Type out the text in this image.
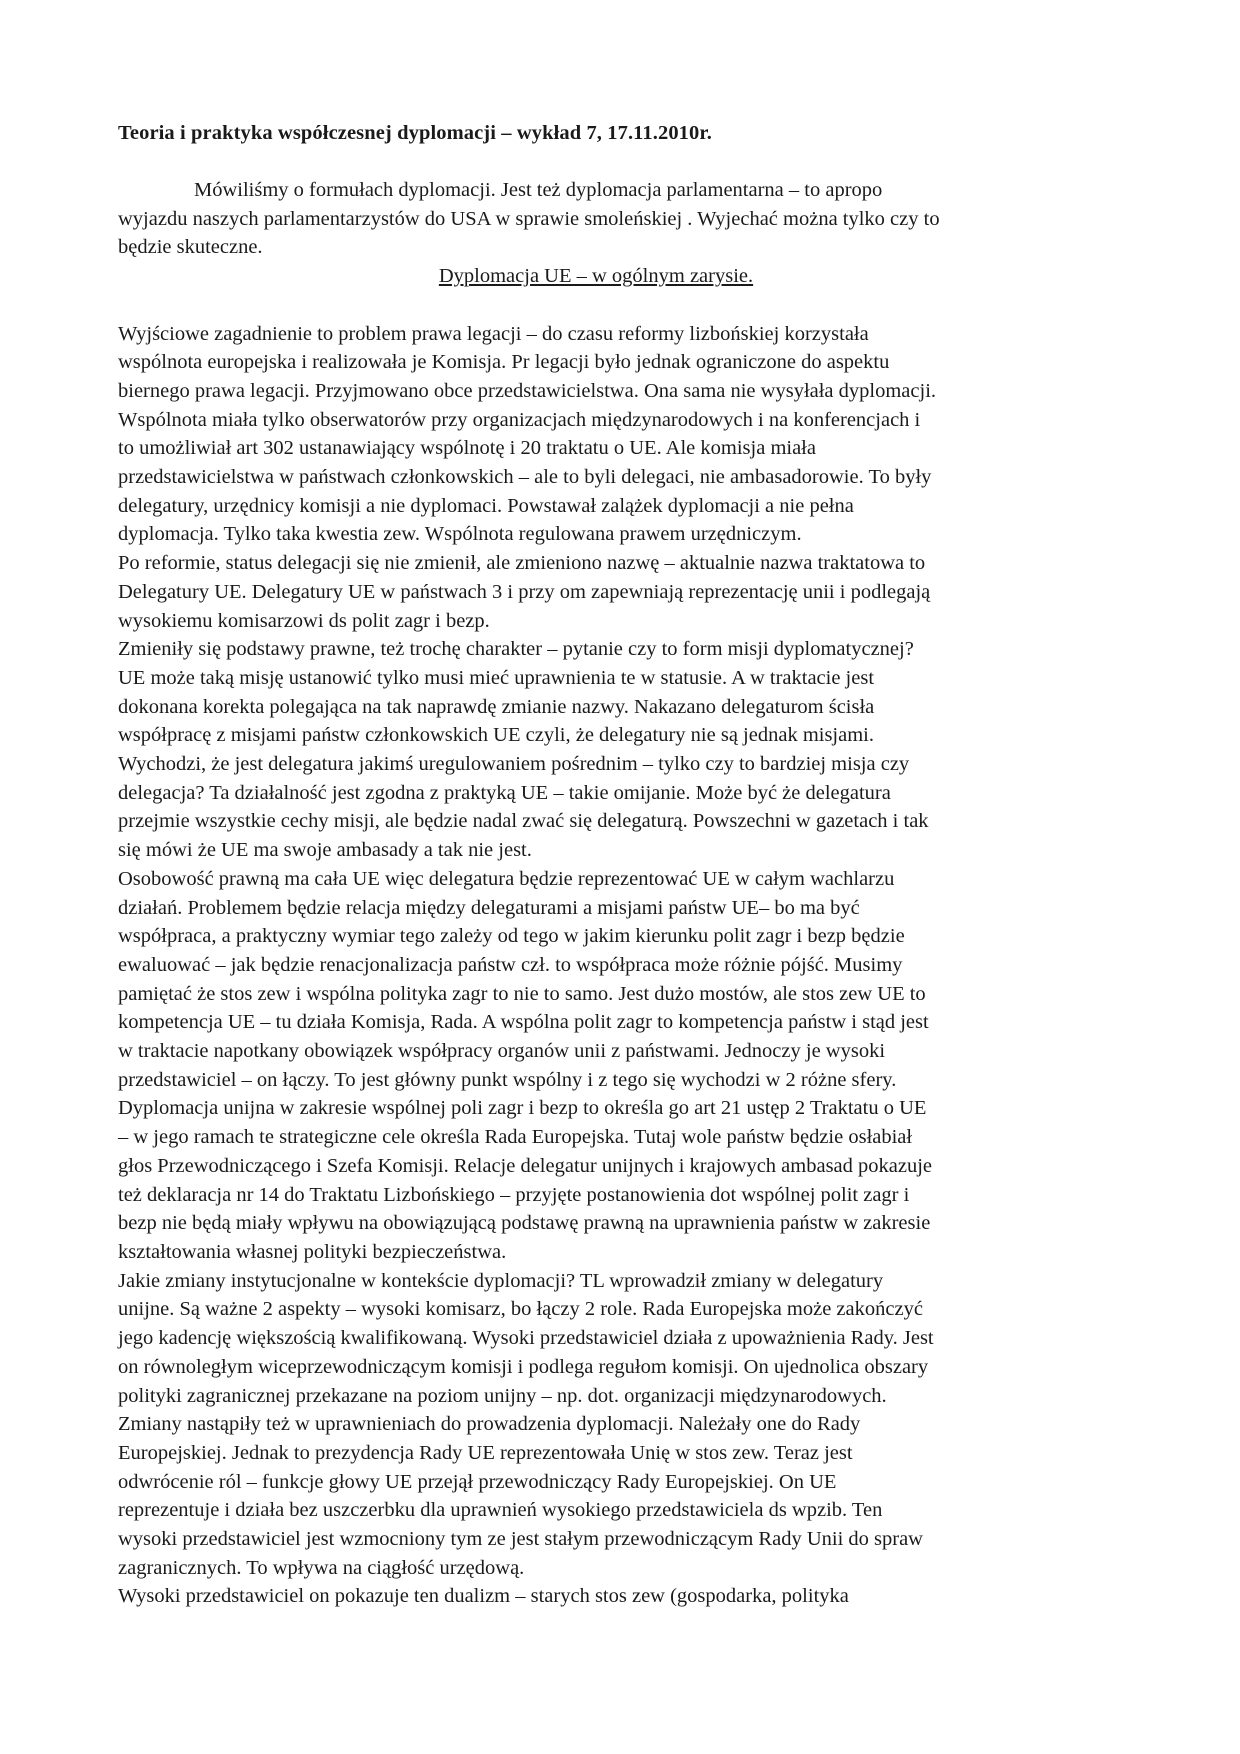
Teoria i praktyka współczesnej dyplomacji – wykład 7, 17.11.2010r.

Mówiliśmy o formułach dyplomacji. Jest też dyplomacja parlamentarna – to apropo

wyjazdu naszych parlamentarzystów do USA w sprawie smoleńskiej . Wyjechać można tylko czy to

będzie skuteczne.

Dyplomacja UE – w ogólnym zarysie.

Wyjściowe zagadnienie to problem prawa legacji – do czasu reformy lizbońskiej korzystała

wspólnota europejska i realizowała je Komisja. Pr legacji było jednak ograniczone do aspektu

biernego prawa legacji. Przyjmowano obce przedstawicielstwa. Ona sama nie wysyłała dyplomacji.

Wspólnota miała tylko obserwatorów przy organizacjach międzynarodowych i na konferencjach i

to umożliwiał art 302 ustanawiający wspólnotę i 20 traktatu o UE. Ale komisja miała

przedstawicielstwa w państwach członkowskich – ale to byli delegaci, nie ambasadorowie. To były

delegatury, urzędnicy komisji a nie dyplomaci. Powstawał zalążek dyplomacji a nie pełna

dyplomacja. Tylko taka kwestia zew. Wspólnota regulowana prawem urzędniczym.

Po reformie, status delegacji się nie zmienił, ale zmieniono nazwę – aktualnie nazwa traktatowa to

Delegatury UE. Delegatury UE w państwach 3 i przy om zapewniają reprezentację unii i podlegają

wysokiemu komisarzowi ds polit zagr i bezp.

Zmieniły się podstawy prawne, też trochę charakter – pytanie czy to form misji dyplomatycznej?

UE może taką misję ustanowić tylko musi mieć uprawnienia te w statusie. A w traktacie jest

dokonana korekta polegająca na tak naprawdę zmianie nazwy. Nakazano delegaturom ścisła

współpracę z misjami państw członkowskich UE czyli, że delegatury nie są jednak misjami.

Wychodzi, że jest delegatura jakimś uregulowaniem pośrednim – tylko czy to bardziej misja czy

delegacja? Ta działalność jest zgodna z praktyką UE – takie omijanie. Może być że delegatura

przejmie wszystkie cechy misji, ale będzie nadal zwać się delegaturą. Powszechni w gazetach i tak

się mówi że UE ma swoje ambasady a tak nie jest.

Osobowość prawną ma cała UE więc delegatura będzie reprezentować UE w całym wachlarzu

działań. Problemem będzie relacja między delegaturami a misjami państw UE– bo ma być

współpraca, a praktyczny wymiar tego zależy od tego w jakim kierunku polit zagr i bezp będzie

ewaluować – jak będzie renacjonalizacja państw czł. to współpraca może różnie pójść. Musimy

pamiętać że stos zew i wspólna polityka zagr to nie to samo. Jest dużo mostów, ale stos zew UE to

kompetencja UE – tu działa Komisja, Rada. A wspólna polit zagr to kompetencja państw i stąd jest

w traktacie napotkany obowiązek współpracy organów unii z państwami. Jednoczy je wysoki

przedstawiciel – on łączy. To jest główny punkt wspólny i z tego się wychodzi w 2 różne sfery.

Dyplomacja unijna w zakresie wspólnej poli zagr i bezp to określa go art 21 ustęp 2 Traktatu o UE

– w jego ramach te strategiczne cele określa Rada Europejska. Tutaj wole państw będzie osłabiał

głos Przewodniczącego i Szefa Komisji. Relacje delegatur unijnych i krajowych ambasad pokazuje

też deklaracja nr 14 do Traktatu Lizbońskiego – przyjęte postanowienia dot wspólnej polit zagr i

bezp nie będą miały wpływu na obowiązującą podstawę prawną na uprawnienia państw w zakresie

kształtowania własnej polityki bezpieczeństwa.

Jakie zmiany instytucjonalne w kontekście dyplomacji? TL wprowadził zmiany w delegatury

unijne. Są ważne 2 aspekty – wysoki komisarz, bo łączy 2 role. Rada Europejska może zakończyć

jego kadencję większością kwalifikowaną. Wysoki przedstawiciel działa z upoważnienia Rady. Jest

on równoległym wiceprzewodniczącym komisji i podlega regułom komisji. On ujednolica obszary

polityki zagranicznej przekazane na poziom unijny – np. dot. organizacji międzynarodowych.

Zmiany nastąpiły też w uprawnieniach do prowadzenia dyplomacji. Należały one do Rady

Europejskiej. Jednak to prezydencja Rady UE reprezentowała Unię w stos zew. Teraz jest

odwrócenie ról – funkcje głowy UE przejął przewodniczący Rady Europejskiej. On UE

reprezentuje i działa bez uszczerbku dla uprawnień wysokiego przedstawiciela ds wpzib. Ten

wysoki przedstawiciel jest wzmocniony tym ze jest stałym przewodniczącym Rady Unii do spraw

zagranicznych. To wpływa na ciągłość urzędową.

Wysoki przedstawiciel on pokazuje ten dualizm – starych stos zew (gospodarka, polityka
